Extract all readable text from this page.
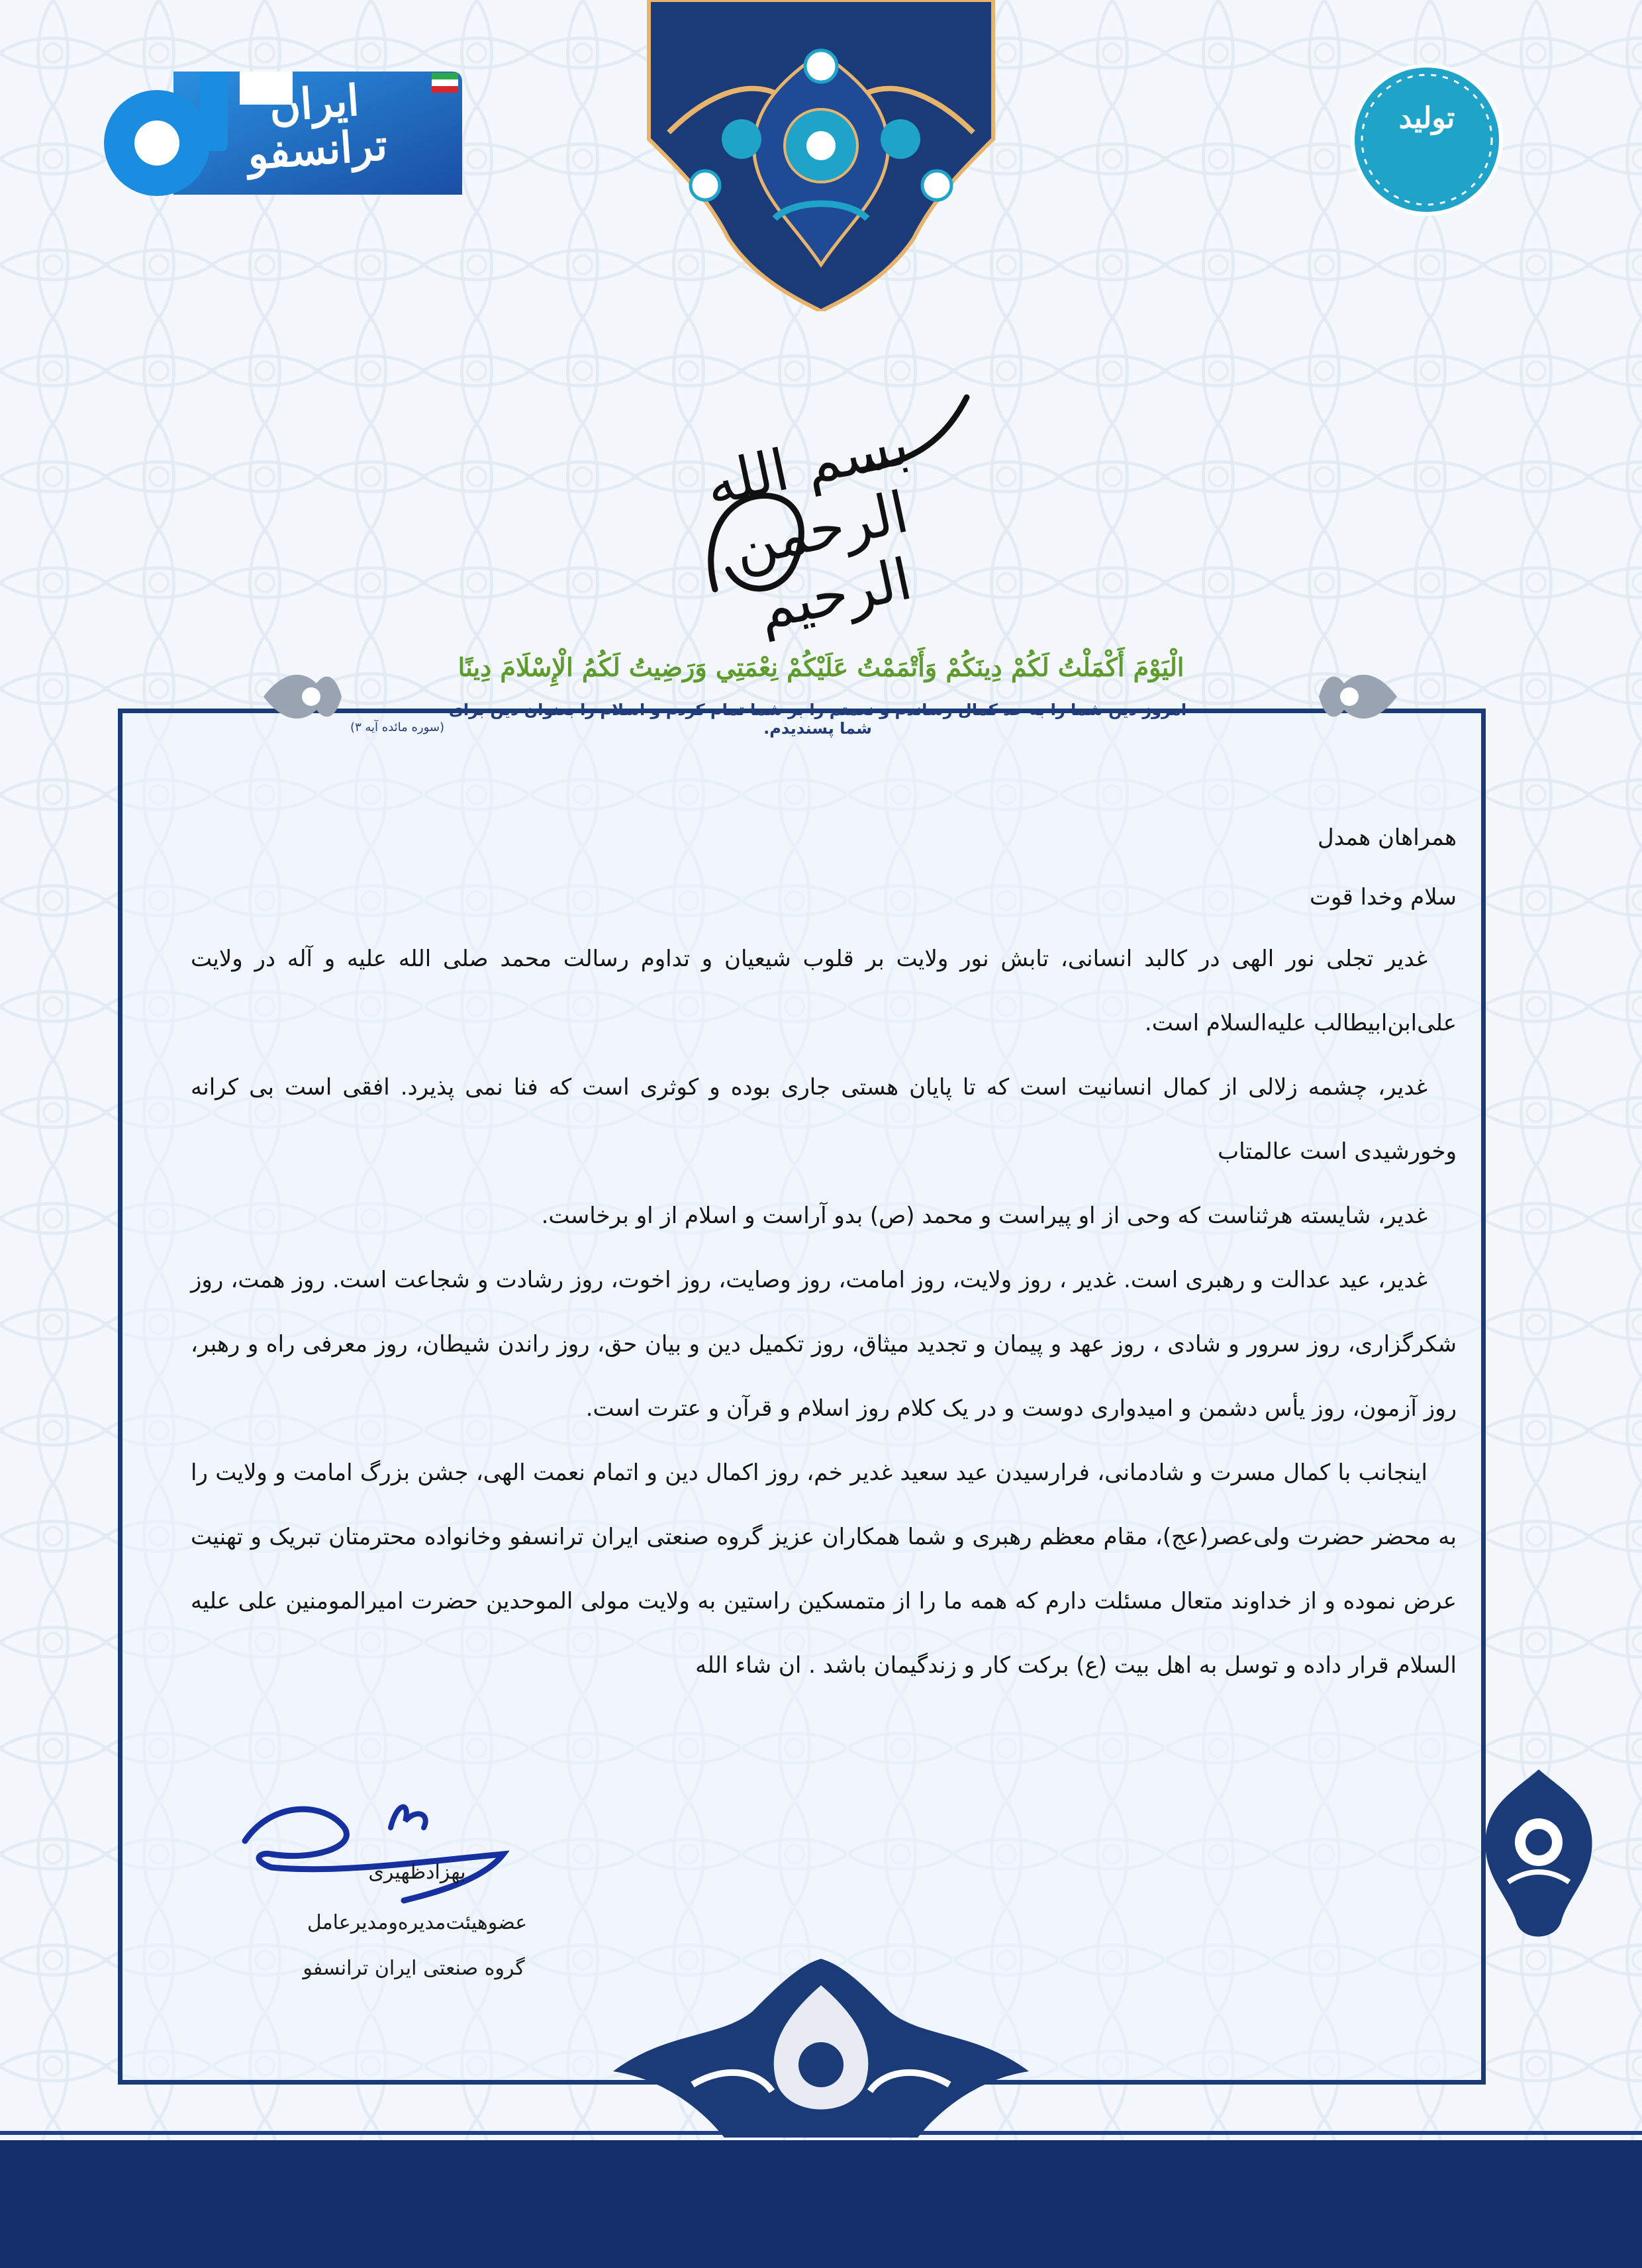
ایران ترانسفو
تولید
بسم الله الرحمن الرحیم
الْيَوْمَ أَكْمَلْتُ لَكُمْ دِينَكُمْ وَأَتْمَمْتُ عَلَيْكُمْ نِعْمَتِي وَرَضِيتُ لَكُمُ الْإِسْلَامَ دِينًا
امروز دین شما را به حد کمال رساندم و نعمتم را بر شما تمام کردم و اسلام را بعنوان دین برای شما پسندیدم.
(سوره مائده آیه ۳)

همراهان همدل

سلام وخدا قوت

غدیر تجلی نور الهی در کالبد انسانی، تابش نور ولایت بر قلوب شیعیان و تداوم رسالت محمد صلی الله علیه و آله در ولایت علی‌ابن‌ابیطالب علیه‌السلام است.

غدیر، چشمه زلالی از کمال انسانیت است که تا پایان هستی جاری بوده و کوثری است که فنا نمی پذیرد. افقی است بی کرانه وخورشیدی است عالمتاب

غدیر، شایسته هرثناست که وحی از او پیراست و محمد (ص) بدو آراست و اسلام از او برخاست.

غدیر، عید عدالت و رهبری است. غدیر ، روز ولایت، روز امامت، روز وصایت، روز اخوت، روز رشادت و شجاعت است. روز همت، روز شکرگزاری، روز سرور و شادی ، روز عهد و پیمان و تجدید میثاق، روز تکمیل دین و بیان حق، روز راندن شیطان، روز معرفی راه و رهبر، روز آزمون، روز یأس دشمن و امیدواری دوست و در یک کلام روز اسلام و قرآن و عترت است.

اینجانب با کمال مسرت و شادمانی، فرارسیدن عید سعید غدیر خم، روز اکمال دین و اتمام نعمت الهی، جشن بزرگ امامت و ولایت را به محضر حضرت ولی‌عصر(عج)، مقام معظم رهبری و شما همکاران عزیز گروه صنعتی ایران ترانسفو وخانواده محترمتان تبریک و تهنیت عرض نموده و از خداوند متعال مسئلت دارم که همه ما را از متمسکین راستین به ولایت مولی الموحدین حضرت امیرالمومنین علی علیه السلام قرار داده و توسل به اهل بیت (ع) برکت کار و زندگیمان باشد . ان شاء الله

بهزادظهیری
عضوهیئت‌مدیره‌ومدیرعامل
گروه صنعتی ایران ترانسفو
